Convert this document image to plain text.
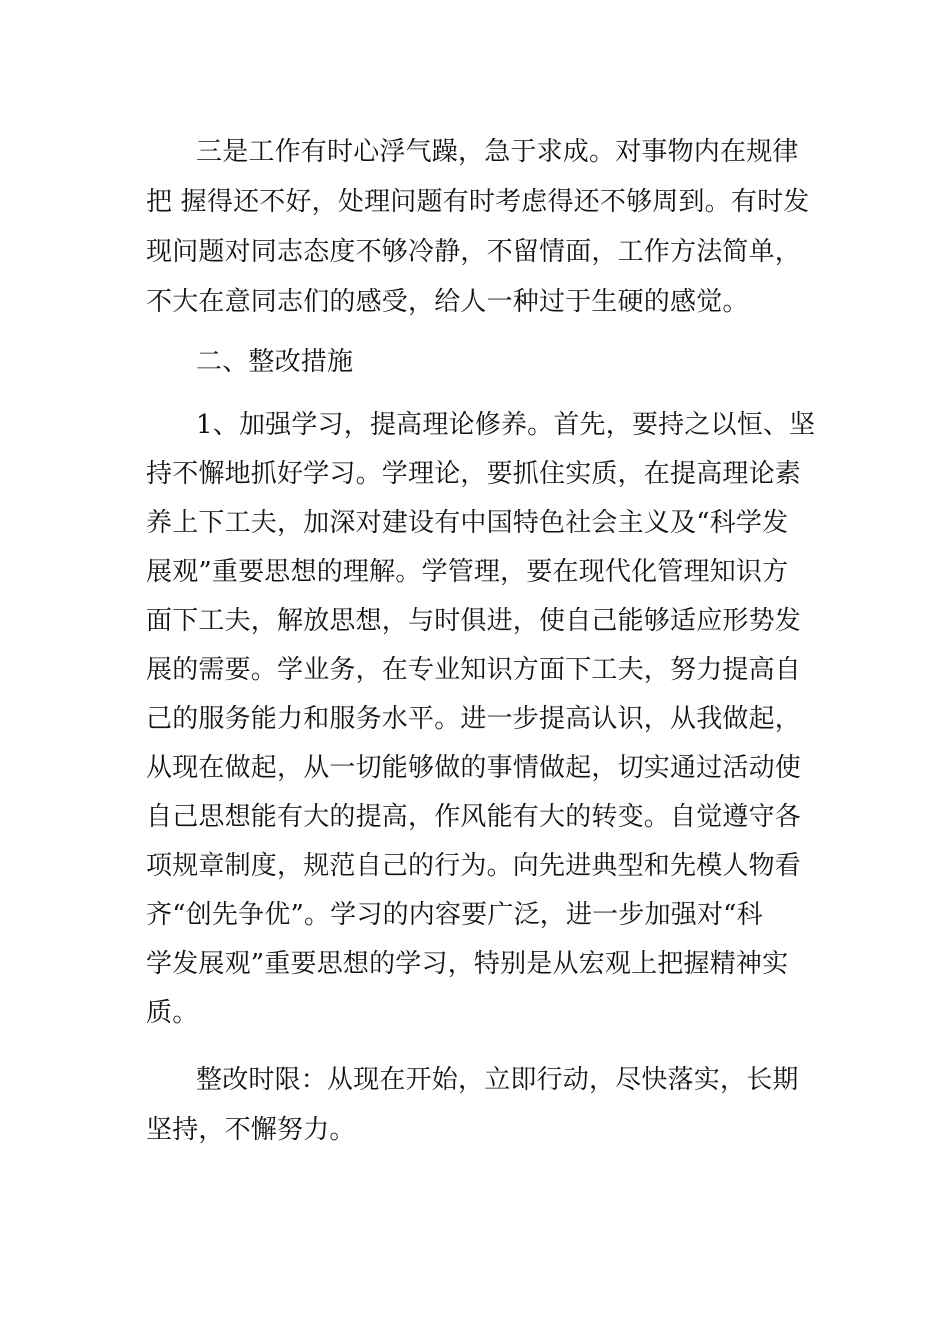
三是工作有时心浮气躁，急于求成。对事物内在规律

把 握得还不好，处理问题有时考虑得还不够周到。有时发

现问题对同志态度不够冷静，不留情面，工作方法简单，

不大在意同志们的感受，给人一种过于生硬的感觉。

二、整改措施

1、加强学习，提高理论修养。首先，要持之以恒、坚

持不懈地抓好学习。学理论，要抓住实质，在提高理论素

养上下工夫，加深对建设有中国特色社会主义及“科学发

展观”重要思想的理解。学管理，要在现代化管理知识方

面下工夫，解放思想，与时俱进，使自己能够适应形势发

展的需要。学业务，在专业知识方面下工夫，努力提高自

己的服务能力和服务水平。进一步提高认识，从我做起，

从现在做起，从一切能够做的事情做起，切实通过活动使

自己思想能有大的提高，作风能有大的转变。自觉遵守各

项规章制度，规范自己的行为。向先进典型和先模人物看

齐“创先争优”。学习的内容要广泛，进一步加强对“科

学发展观”重要思想的学习，特别是从宏观上把握精神实

质。

整改时限：从现在开始，立即行动，尽快落实，长期

坚持，不懈努力。
